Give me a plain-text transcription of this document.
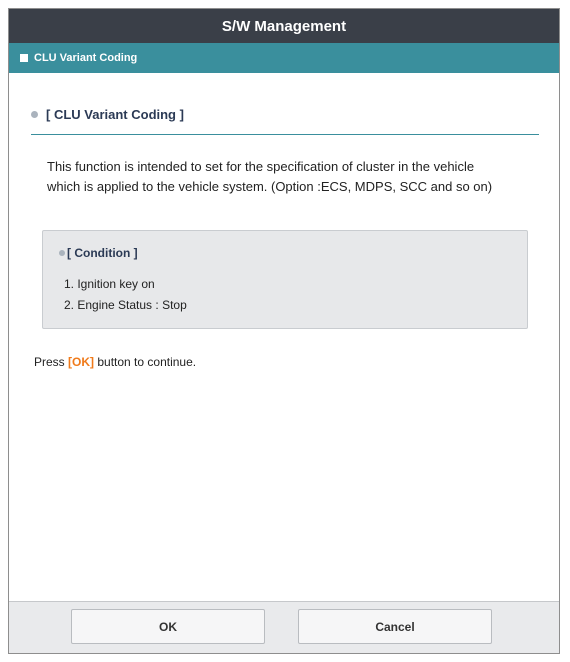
S/W Management
CLU Variant Coding
[ CLU Variant Coding ]
This function is intended to set for the specification of cluster in the vehicle
which is applied to the vehicle system. (Option :ECS, MDPS, SCC and so on)
[ Condition ]
1. Ignition key on
2. Engine Status : Stop
Press [OK] button to continue.
OK	Cancel
